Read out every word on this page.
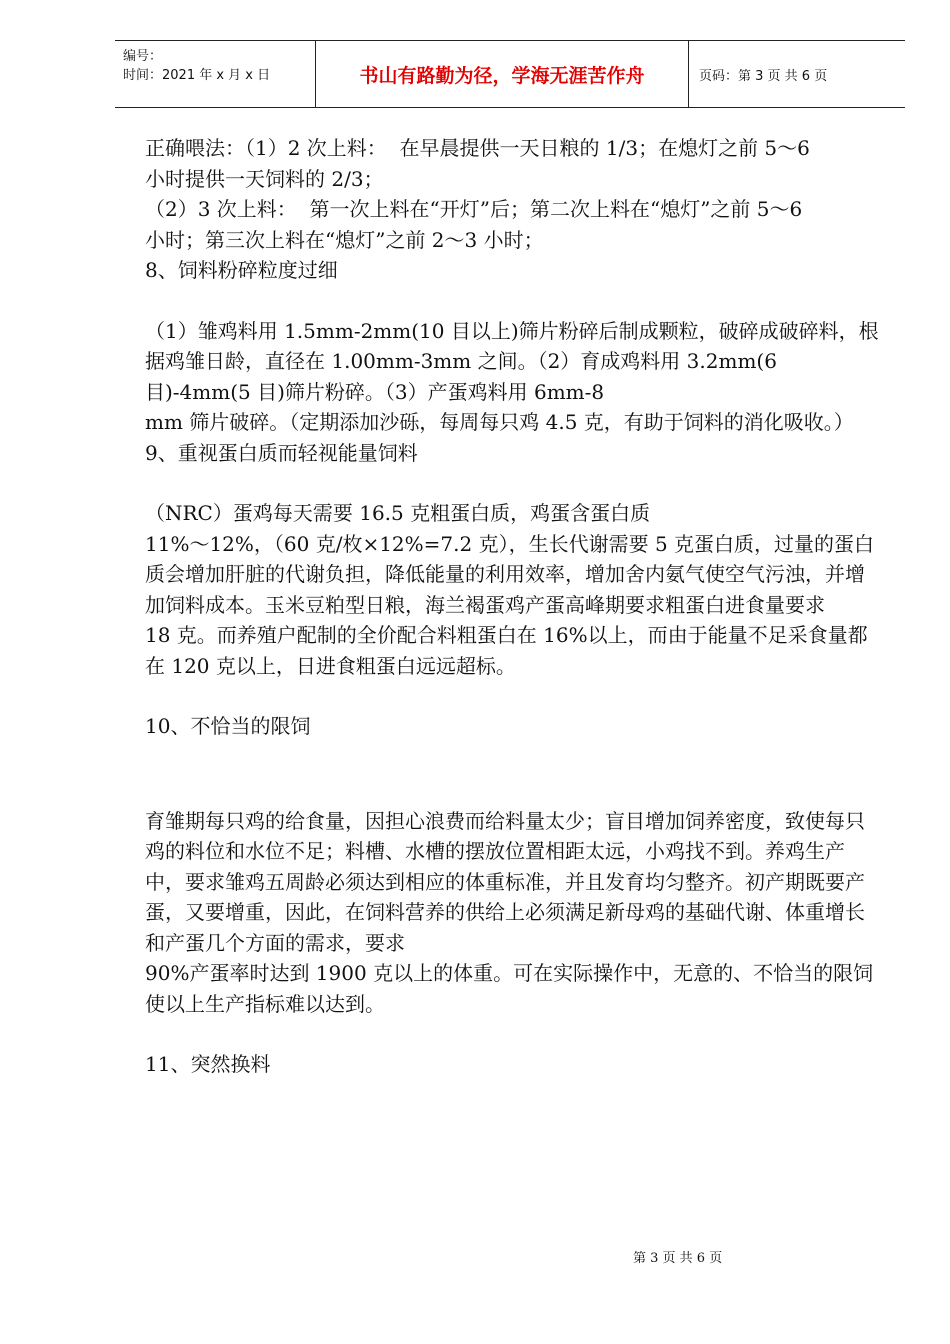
编号：
时间：2021 年 x 月 x 日	书山有路勤为径，学海无涯苦作舟	页码：第 3 页 共 6 页

正确喂法：（1）2 次上料：  在早晨提供一天日粮的 1/3；在熄灯之前 5～6

小时提供一天饲料的 2/3；

（2）3 次上料：  第一次上料在“开灯”后；第二次上料在“熄灯”之前 5～6

小时；第三次上料在“熄灯”之前 2～3 小时；

8、饲料粉碎粒度过细

（1）雏鸡料用 1.5mm-2mm(10 目以上)筛片粉碎后制成颗粒，破碎成破碎料，根据鸡雏日龄，直径在 1.00mm-3mm 之间。（2）育成鸡料用 3.2mm(6 目)-4mm(5 目)筛片粉碎。（3）产蛋鸡料用 6mm-8

mm 筛片破碎。（定期添加沙砾，每周每只鸡 4.5 克，有助于饲料的消化吸收。）

9、重视蛋白质而轻视能量饲料

（NRC）蛋鸡每天需要 16.5 克粗蛋白质，鸡蛋含蛋白质

11%～12%，（60 克/枚×12%=7.2 克），生长代谢需要 5 克蛋白质，过量的蛋白质会增加肝脏的代谢负担，降低能量的利用效率，增加舍内氨气使空气污浊，并增加饲料成本。玉米豆粕型日粮，海兰褐蛋鸡产蛋高峰期要求粗蛋白进食量要求

18 克。而养殖户配制的全价配合料粗蛋白在 16%以上，而由于能量不足采食量都在 120 克以上，日进食粗蛋白远远超标。

10、不恰当的限饲

育雏期每只鸡的给食量，因担心浪费而给料量太少；盲目增加饲养密度，致使每只鸡的料位和水位不足；料槽、水槽的摆放位置相距太远，小鸡找不到。养鸡生产中，要求雏鸡五周龄必须达到相应的体重标准，并且发育均匀整齐。初产期既要产蛋，又要增重，因此，在饲料营养的供给上必须满足新母鸡的基础代谢、体重增长和产蛋几个方面的需求，要求

90%产蛋率时达到 1900 克以上的体重。可在实际操作中，无意的、不恰当的限饲使以上生产指标难以达到。

11、突然换料

第 3 页 共 6 页
